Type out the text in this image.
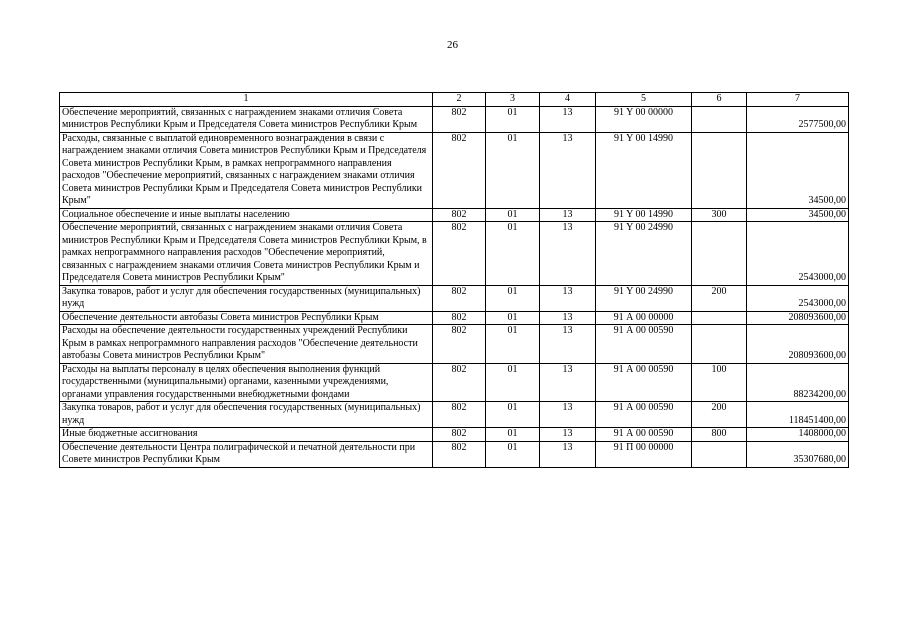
26
1	2	3	4	5	6	7
Обеспечение мероприятий, связанных с награждением знаками отличия Совета министров Республики Крым и Председателя Совета министров Республики Крым	802	01	13	91 Y 00 00000		2577500,00
Расходы, связанные с выплатой единовременного вознаграждения в связи с награждением знаками отличия Совета министров Республики Крым и Председателя Совета министров Республики Крым, в рамках непрограммного направления расходов "Обеспечение мероприятий, связанных с награждением знаками отличия Совета министров Республики Крым и Председателя Совета министров Республики Крым"	802	01	13	91 Y 00 14990		34500,00
Социальное обеспечение и иные выплаты населению	802	01	13	91 Y 00 14990	300	34500,00
Обеспечение мероприятий, связанных с награждением знаками отличия Совета министров Республики Крым и Председателя Совета министров Республики Крым, в рамках непрограммного направления расходов "Обеспечение мероприятий, связанных с награждением знаками отличия Совета министров Республики Крым и Председателя Совета министров Республики Крым"	802	01	13	91 Y 00 24990		2543000,00
Закупка товаров, работ и услуг для обеспечения государственных (муниципальных) нужд	802	01	13	91 Y 00 24990	200	2543000,00
Обеспечение деятельности автобазы Совета министров Республики Крым	802	01	13	91 А 00 00000		208093600,00
Расходы на обеспечение деятельности государственных учреждений Республики Крым в рамках непрограммного направления расходов "Обеспечение деятельности автобазы Совета министров Республики Крым"	802	01	13	91 А 00 00590		208093600,00
Расходы на выплаты персоналу в целях обеспечения выполнения функций государственными (муниципальными) органами, казенными учреждениями, органами управления государственными внебюджетными фондами	802	01	13	91 А 00 00590	100	88234200,00
Закупка товаров, работ и услуг для обеспечения государственных (муниципальных) нужд	802	01	13	91 А 00 00590	200	118451400,00
Иные бюджетные ассигнования	802	01	13	91 А 00 00590	800	1408000,00
Обеспечение деятельности Центра полиграфической и печатной деятельности при Совете министров Республики Крым	802	01	13	91 П 00 00000		35307680,00
